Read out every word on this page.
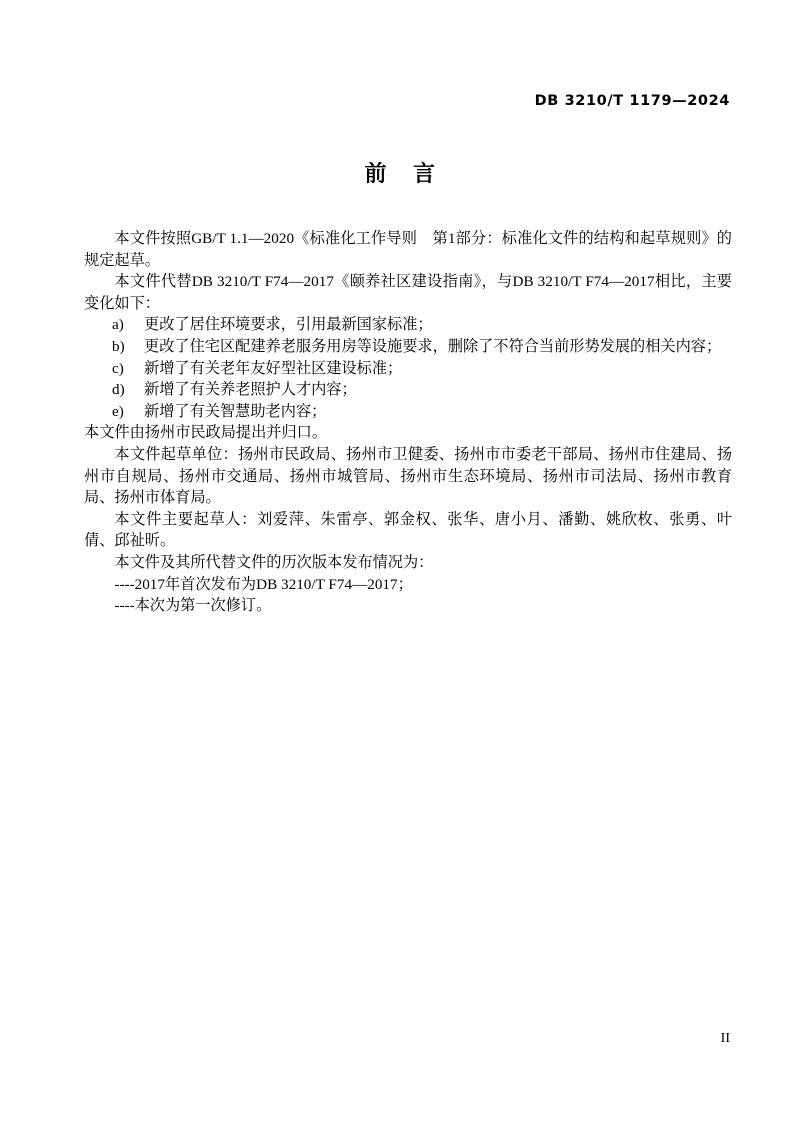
DB 3210/T 1179—2024
前 言

本文件按照GB/T 1.1—2020《标准化工作导则　第1部分：标准化文件的结构和起草规则》的规定起草。

本文件代替DB 3210/T F74—2017《颐养社区建设指南》，与DB 3210/T F74—2017相比，主要变化如下：

a) 更改了居住环境要求，引用最新国家标准；
b) 更改了住宅区配建养老服务用房等设施要求，删除了不符合当前形势发展的相关内容；
c) 新增了有关老年友好型社区建设标准；
d) 新增了有关养老照护人才内容；
e) 新增了有关智慧助老内容；

本文件由扬州市民政局提出并归口。

本文件起草单位：扬州市民政局、扬州市卫健委、扬州市市委老干部局、扬州市住建局、扬州市自规局、扬州市交通局、扬州市城管局、扬州市生态环境局、扬州市司法局、扬州市教育局、扬州市体育局。

本文件主要起草人：刘爱萍、朱雷亭、郭金权、张华、唐小月、潘勤、姚欣枚、张勇、叶倩、邱祉昕。

本文件及其所代替文件的历次版本发布情况为：

----2017年首次发布为DB 3210/T F74—2017；

----本次为第一次修订。

II
